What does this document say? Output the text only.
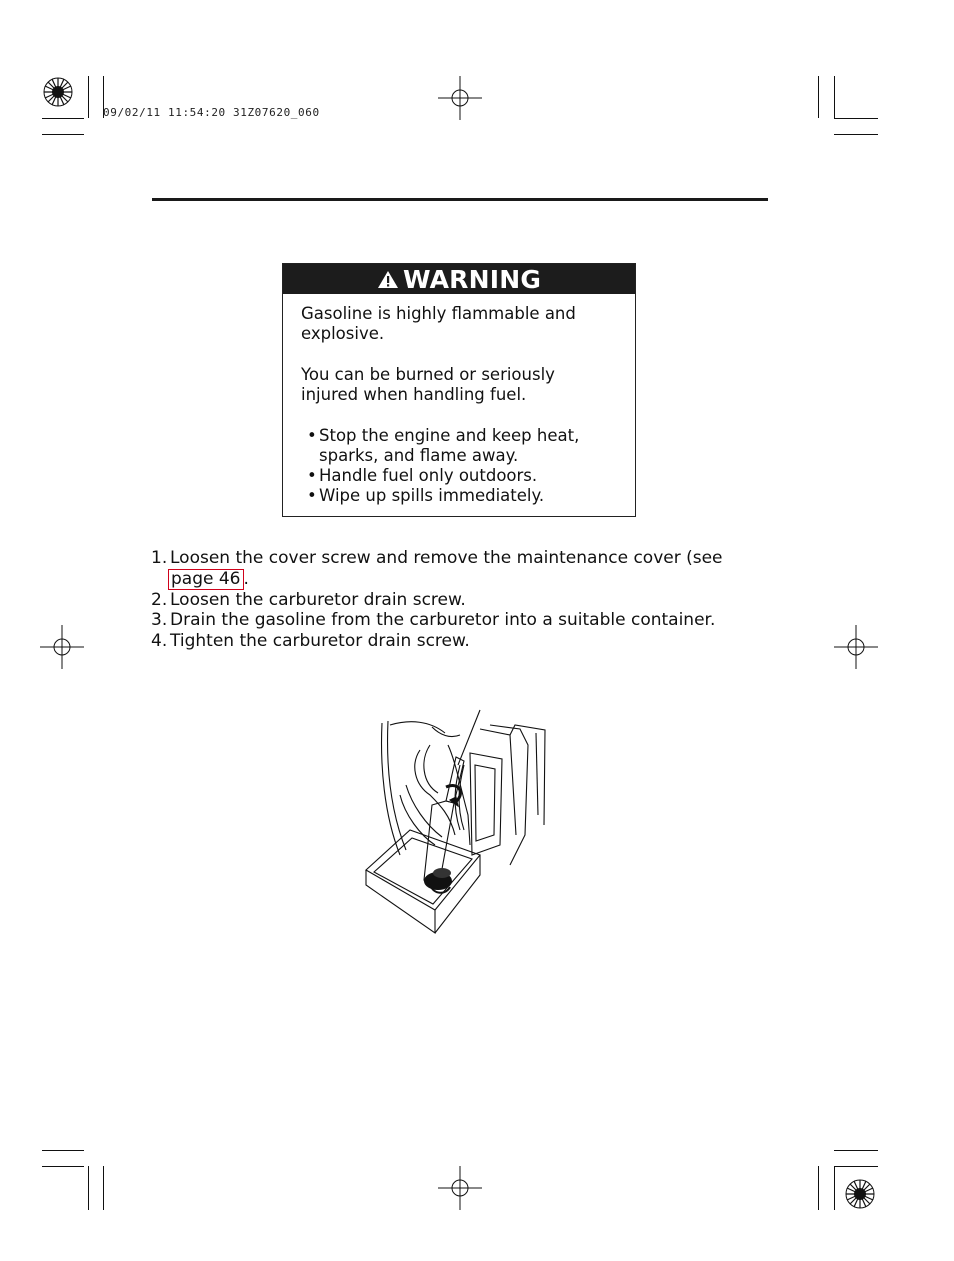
09/02/11 11:54:20 31Z07620_060
WARNING

Gasoline is highly flammable and explosive.

You can be burned or seriously injured when handling fuel.

• Stop the engine and keep heat, sparks, and flame away.
• Handle fuel only outdoors.
• Wipe up spills immediately.
1. Loosen the cover screw and remove the maintenance cover (see page 46 .
2. Loosen the carburetor drain screw.
3. Drain the gasoline from the carburetor into a suitable container.
4. Tighten the carburetor drain screw.
